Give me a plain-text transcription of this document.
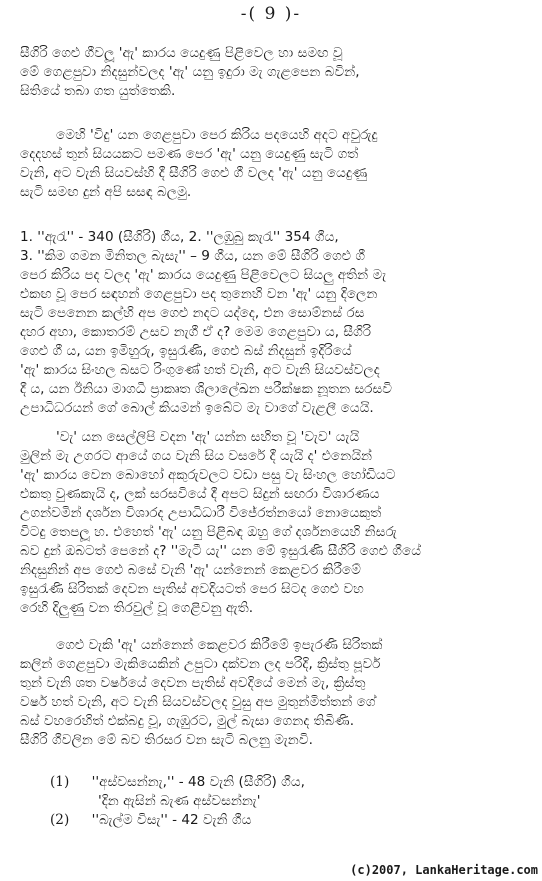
-( 9 )-
සීගිරි ගෙළු ගීවලූ 'ඇ' කාරය යෙදුණු පිළිවෙල හා සමඟ වූ
මේ ගෙළපුවා නිදසුන්වලද 'ඇ' යනු ඉදුරා මැ ගැළපෙන බවින්,
සිතියේ තබා ගත යුත්තෙකි.
මෙහි 'විදු' යන ගෙළපුවා පෙර කිරිය පදයෙහි අදට අවුරුදු
දෙදහස් තුන් සියයකට පමණ පෙර 'ඇ' යනු යෙදුණු සැටි ගත්
වැනි, අට වැනි සියවස්හි දී සීගිරි ගෙළු ගී වලද 'ඇ' යනු යෙදුණු
සැටි සමඟ දුන් අපි සසඳ බලමු.
1. ''ඇරැ'' - 340 (සීගිරි) ගීය, 2. ''ලඹුබු කැරැ'' 354 ගීය,
3. ''කිම ගමන මිනිතල බැසැ'' – 9 ගීය, යන මේ සීගිරි ගෙළු ගී
පෙර කිරිය පද වලද 'ඇ' කාරය යෙදුණු පිළිවෙලට සියලු අතින් මැ
එකඟ වූ පෙර සඳහන් ගෙළපුවා පද තුනෙහි වන 'ඇ' යනු දිලෙන
සැටි පෙනෙන කල්හි අප ගෙළු නදට යද්දෙ, එන සොම්නස් රස
දහර අහා, කොතරම් උසව නැගී ඒ ද? මෙම ගෙළපුවා ය, සීගිරි
ගෙළු ගී ය, යන ඉමිහුරු, ඉසුරැණි, ගෙළු බස් නිදසුන් ඉදිරියේ
'ඇ' කාරය සිංහල බසට රිංගුණේ හත් වැනි, අට වැනි සියවස්වලද
දී ය, යන ඊනියා මාගධී ප්‍රාකෘත ශිලාලේඛන පරීක්ෂක නූතන සරසවි
උපාධිධරයන් ගේ බොල් කියමන් ඉබේට මැ වාගේ වැළලී යෙයි.
'වැ' යන සෙල්ලිපි වදන 'ඇ' යන්න සහිත වූ 'වැව' යැයි
මුලින් මැ උගරට ආයේ ගය වැනි සිය වසරේ දී යැයි ද' එනෙයින්
'ඇ' කාරය වෙන බොහෝ අකුරුවලට වඩා පසු වැ සිංහල හෝඩියට
එකතු වුණකැයි ද, ලක් සරසවියේ දී අපට සිදුන් සඟරා විශාරණය
උගන්වමින් දර්ශන විශාරද උපාධිධාරී විජේරත්නයෝ නොයෙකුත්
විටදු තෙපලූ හ. එහෙත් 'ඇ' යනු පිළිබඳ ඔහු ගේ දර්ශනයෙහි නිසරු
බව දුන් ඔබටත් පෙනේ ද? ''මැටී යැ'' යන මේ ඉසුරැණි සීගිරි ගෙළු ගීයේ
නිදසුනින් අප ගෙළු බසේ වැනි 'ඇ' යන්නෙන් කෙළවර කිරීමේ
ඉසුරැණි සිරිතක් දෙවන පැතිස් අවදියටත් පෙර සිටද ගෙළු වහ
රෙහි දිලුණු වන තිරවුල් වූ ගෙළිවනු ඇති.
ගෙළු වැකි 'ඇ' යන්නෙන් කෙළවර කිරීමේ ඉපැරණි සිරිතක්
කලින් ගෙළපුවා මැකියෙකින් උපුටා දක්වන ලද පරිදි, ක්‍රිස්තු පූර්ව
තුන් වැනි ශත වර්ෂයේ දෙවන පැතිස් අවදියේ මෙන් මැ, ක්‍රිස්තු
වර්ෂ හත් වැනි, අට වැනි සියවස්වලද වුසු අප මුතුන්මිත්තන් ගේ
බස් වහරෙහිත් එක්බදු වූ, ගැඹුරට, මුල් බැසා ගෙනද තිබිණි.
සීගිරි ගීවලින මේ බව තිරසර වන සැටි බලනු මැනවි.
(1) ''අස්වසන්නැ,'' - 48 වැනි (සීගිරි) ගීය,
'දින ඇසින් බැණ අස්වසන්නැ'
(2) ''බැල්ම විසැ'' - 42 වැනි ගීය
(c)2007, LankaHeritage.com
